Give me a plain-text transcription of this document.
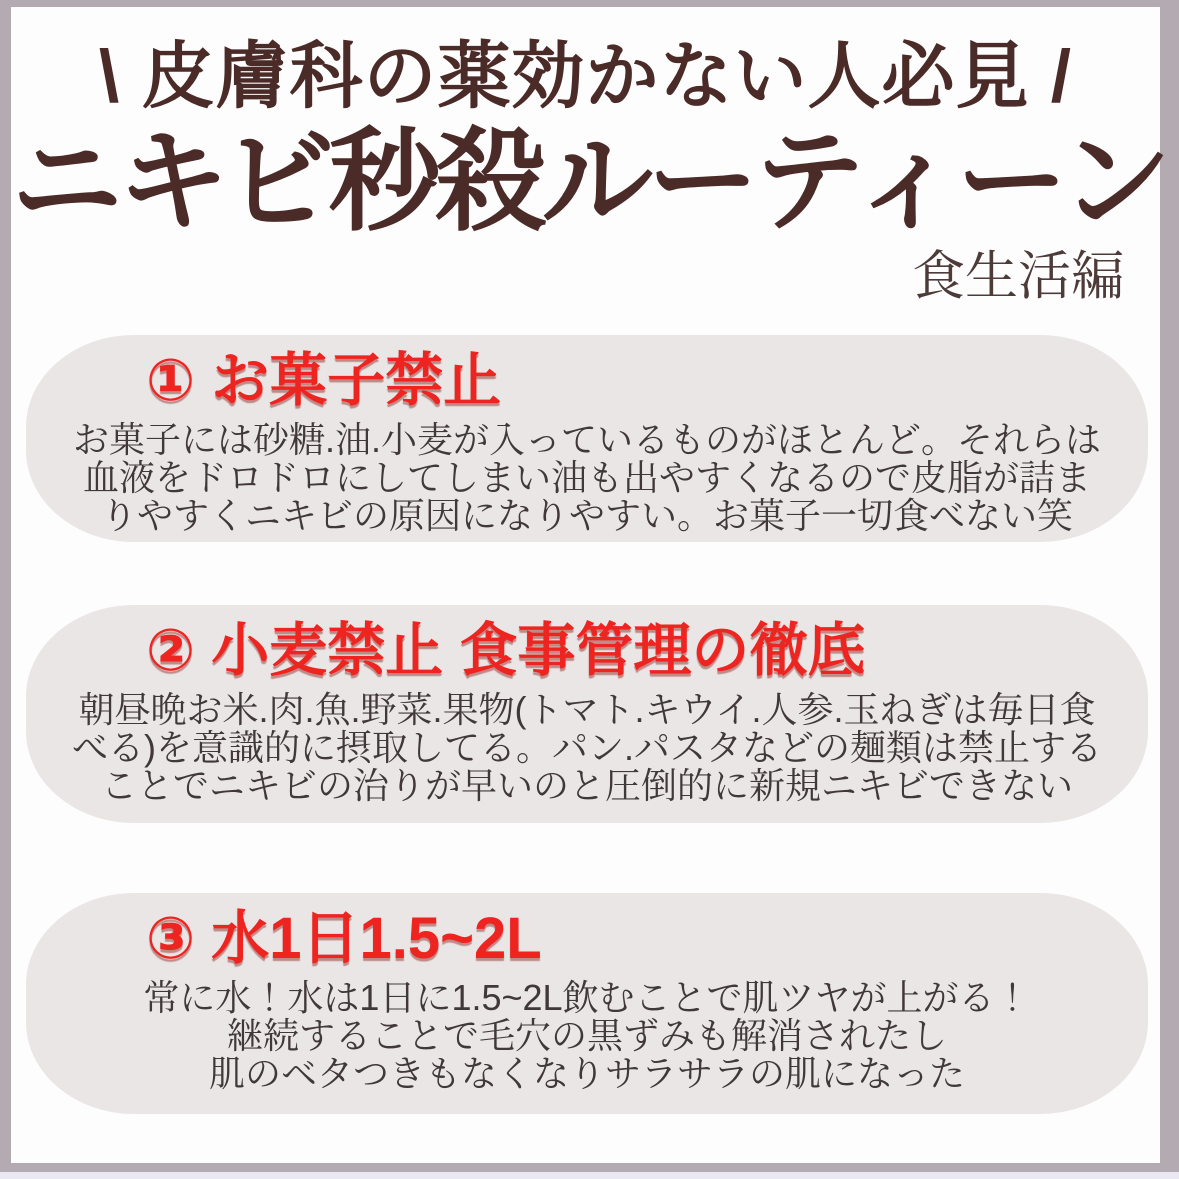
\ 皮膚科の薬効かない人必見 /
ニキビ秒殺ルーティーン
食生活編
① お菓子禁止
お菓子には砂糖.油.小麦が入っているものがほとんど。それらは
血液をドロドロにしてしまい油も出やすくなるので皮脂が詰ま
りやすくニキビの原因になりやすい。お菓子一切食べない笑
② 小麦禁止 食事管理の徹底
朝昼晩お米.肉.魚.野菜.果物(トマト.キウイ.人参.玉ねぎは毎日食
べる)を意識的に摂取してる。パン.パスタなどの麺類は禁止する
ことでニキビの治りが早いのと圧倒的に新規ニキビできない
③ 水1日1.5~2L
常に水！水は1日に1.5~2L飲むことで肌ツヤが上がる！
継続することで毛穴の黒ずみも解消されたし
肌のベタつきもなくなりサラサラの肌になった
